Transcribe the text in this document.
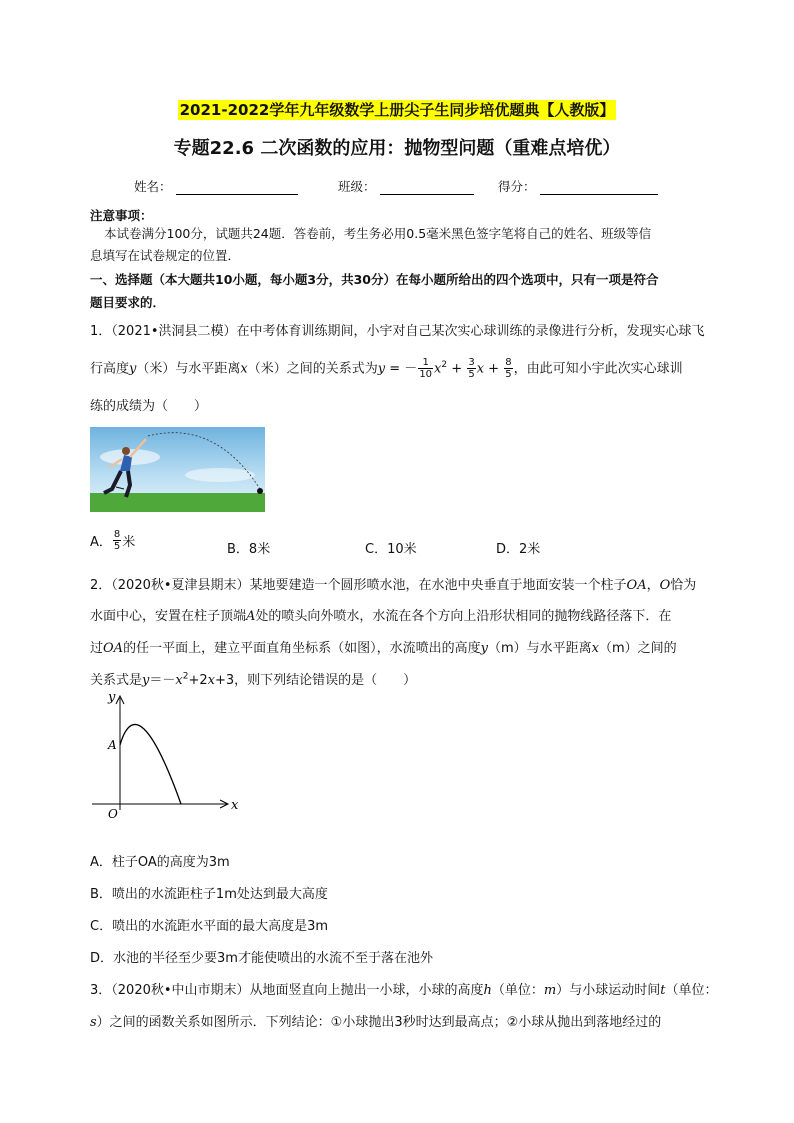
2021-2022学年九年级数学上册尖子生同步培优题典【人教版】
专题22.6 二次函数的应用：抛物型问题（重难点培优）
姓名：	班级：	得分：
注意事项：
本试卷满分100分，试题共24题．答卷前，考生务必用0.5毫米黑色签字笔将自己的姓名、班级等信
息填写在试卷规定的位置．
一、选择题（本大题共10小题，每小题3分，共30分）在每小题所给出的四个选项中，只有一项是符合
题目要求的．
1．（2021•洪洞县二模）在中考体育训练期间，小宇对自己某次实心球训练的录像进行分析，发现实心球飞
行高度y（米）与水平距离x（米）之间的关系式为y = － $\frac{1}{10} x^2 + \frac{3}{5}$ $x + \frac{8}{5}$ ，由此可知小宇此次实心球训
练的成绩为（　　）
A． $\frac{8}{5}$ 米	B．8米	C．10米	D．2米
2．（2020秋•夏津县期末）某地要建造一个圆形喷水池，在水池中央垂直于地面安装一个柱子OA，O恰为
水面中心，安置在柱子顶端A处的喷头向外喷水，水流在各个方向上沿形状相同的抛物线路径落下．在
过OA的任一平面上，建立平面直角坐标系（如图），水流喷出的高度y（m）与水平距离x（m）之间的
关系式是$y=-x^2+2x+3$，则下列结论错误的是（　　）
y
x
A
O
A．柱子OA的高度为3m
B．喷出的水流距柱子1m处达到最大高度
C．喷出的水流距水平面的最大高度是3m
D．水池的半径至少要3m才能使喷出的水流不至于落在池外
3．（2020秋•中山市期末）从地面竖直向上抛出一小球，小球的高度h（单位：m）与小球运动时间t（单位：
s）之间的函数关系如图所示．下列结论：①小球抛出3秒时达到最高点；②小球从抛出到落地经过的
